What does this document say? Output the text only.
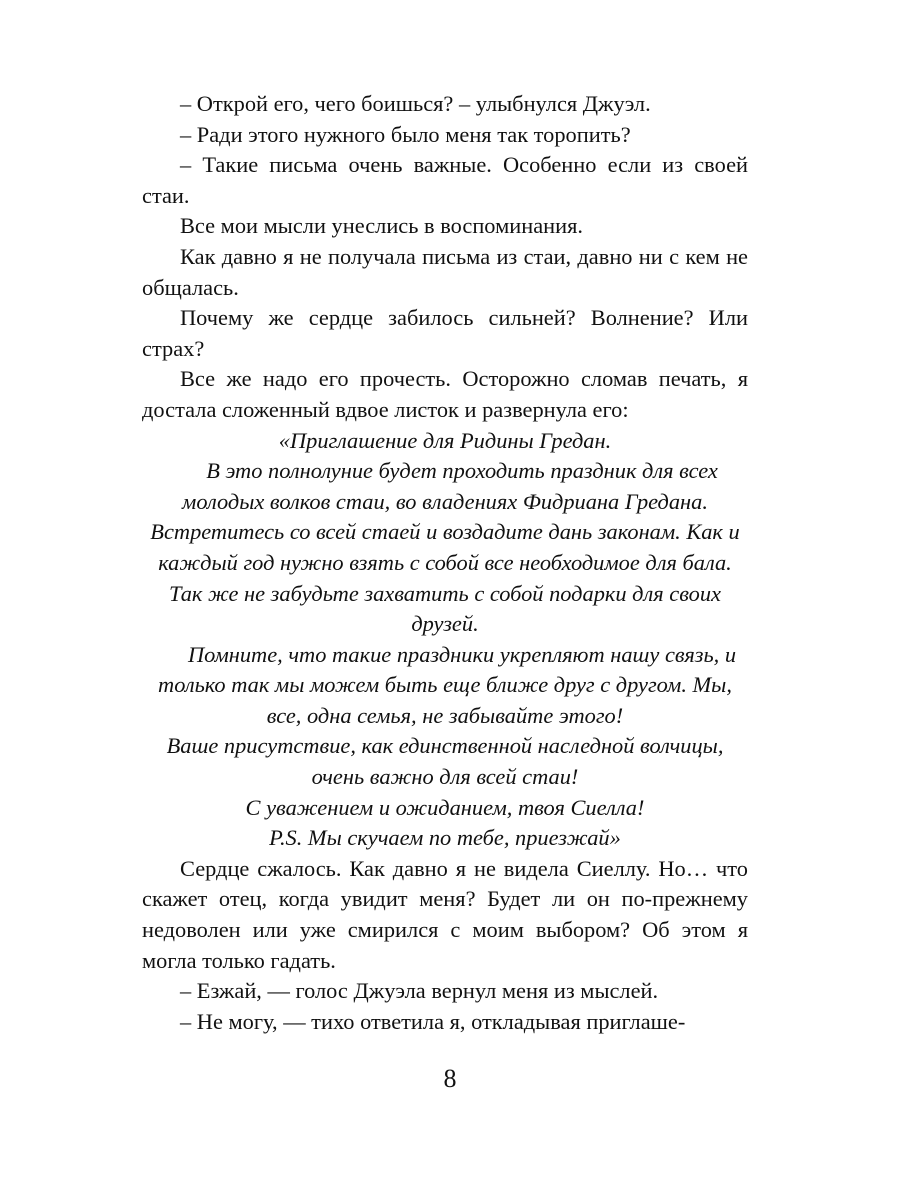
– Открой его, чего боишься? – улыбнулся Джуэл.

– Ради этого нужного было меня так торопить?

– Такие письма очень важные. Особенно если из своей стаи.

Все мои мысли унеслись в воспоминания.

Как давно я не получала письма из стаи, давно ни с кем не общалась.

Почему же сердце забилось сильней? Волнение? Или страх?

Все же надо его прочесть. Осторожно сломав печать, я достала сложенный вдвое листок и развернула его:

«Приглашение для Ридины Гредан.

В это полнолуние будет проходить праздник для всех молодых волков стаи, во владениях Фидриана Гредана. Встретитесь со всей стаей и воздадите дань законам. Как и каждый год нужно взять с собой все необходимое для бала. Так же не забудьте захватить с собой подарки для своих друзей.

Помните, что такие праздники укрепляют нашу связь, и только так мы можем быть еще ближе друг с другом. Мы, все, одна семья, не забывайте этого!

Ваше присутствие, как единственной наследной волчицы, очень важно для всей стаи!

С уважением и ожиданием, твоя Сиелла!

P.S. Мы скучаем по тебе, приезжай»

Сердце сжалось. Как давно я не видела Сиеллу. Но… что скажет отец, когда увидит меня? Будет ли он по-прежнему недоволен или уже смирился с моим выбором? Об этом я могла только гадать.

– Езжай, — голос Джуэла вернул меня из мыслей.

– Не могу, — тихо ответила я, откладывая приглаше-

8
